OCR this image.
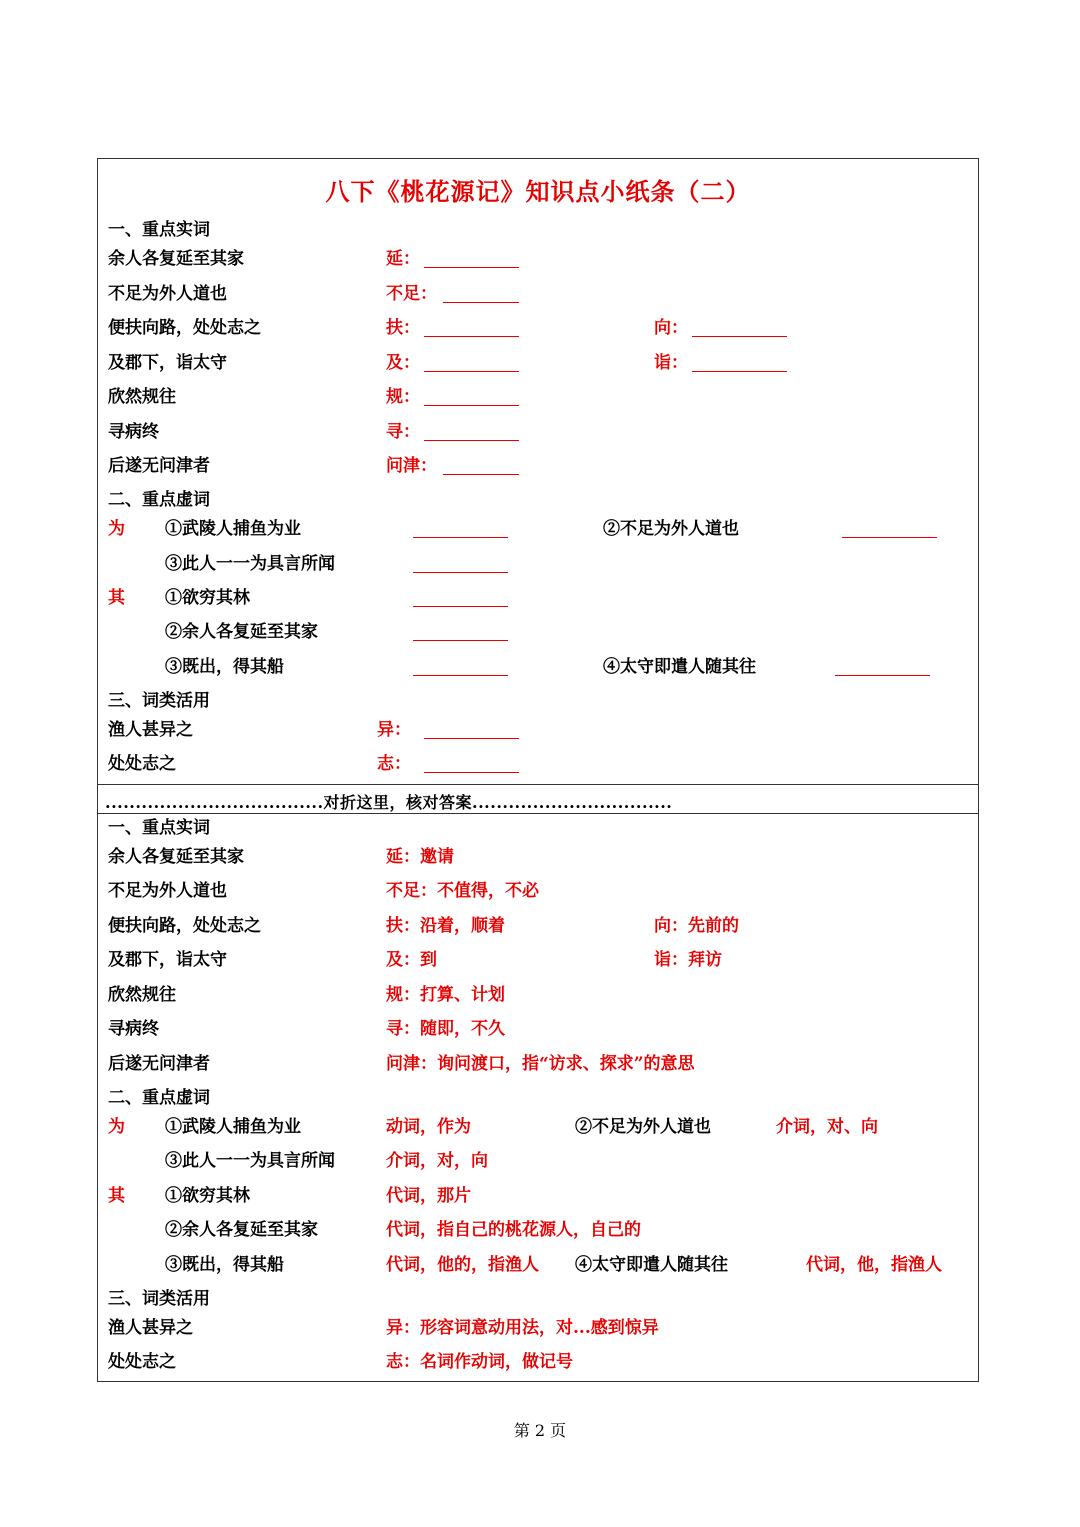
八下《桃花源记》知识点小纸条（二）
一、重点实词
余人各复延至其家	延：
不足为外人道也	不足：
便扶向路，处处志之	扶：	向：
及郡下，诣太守	及：	诣：
欣然规往	规：
寻病终	寻：
后遂无问津者	问津：
二、重点虚词
为 ①武陵人捕鱼为业	②不足为外人道也
③此人一一为具言所闻
其 ①欲穷其林
②余人各复延至其家
③既出，得其船	④太守即遣人随其往
三、词类活用
渔人甚异之	异：
处处志之	志：
....................................对折这里，核对答案.................................
一、重点实词
余人各复延至其家	延：邀请
不足为外人道也	不足：不值得，不必
便扶向路，处处志之	扶：沿着，顺着	向：先前的
及郡下，诣太守	及：到	诣：拜访
欣然规往	规：打算、计划
寻病终	寻：随即，不久
后遂无问津者	问津：询问渡口，指“访求、探求”的意思
二、重点虚词
为 ①武陵人捕鱼为业	动词，作为	②不足为外人道也	介词，对、向
③此人一一为具言所闻	介词，对，向
其 ①欲穷其林	代词，那片
②余人各复延至其家	代词，指自己的桃花源人，自己的
③既出，得其船	代词，他的，指渔人 ④太守即遣人随其往	代词，他，指渔人
三、词类活用
渔人甚异之	异：形容词意动用法，对...感到惊异
处处志之	志：名词作动词，做记号
第 2 页
